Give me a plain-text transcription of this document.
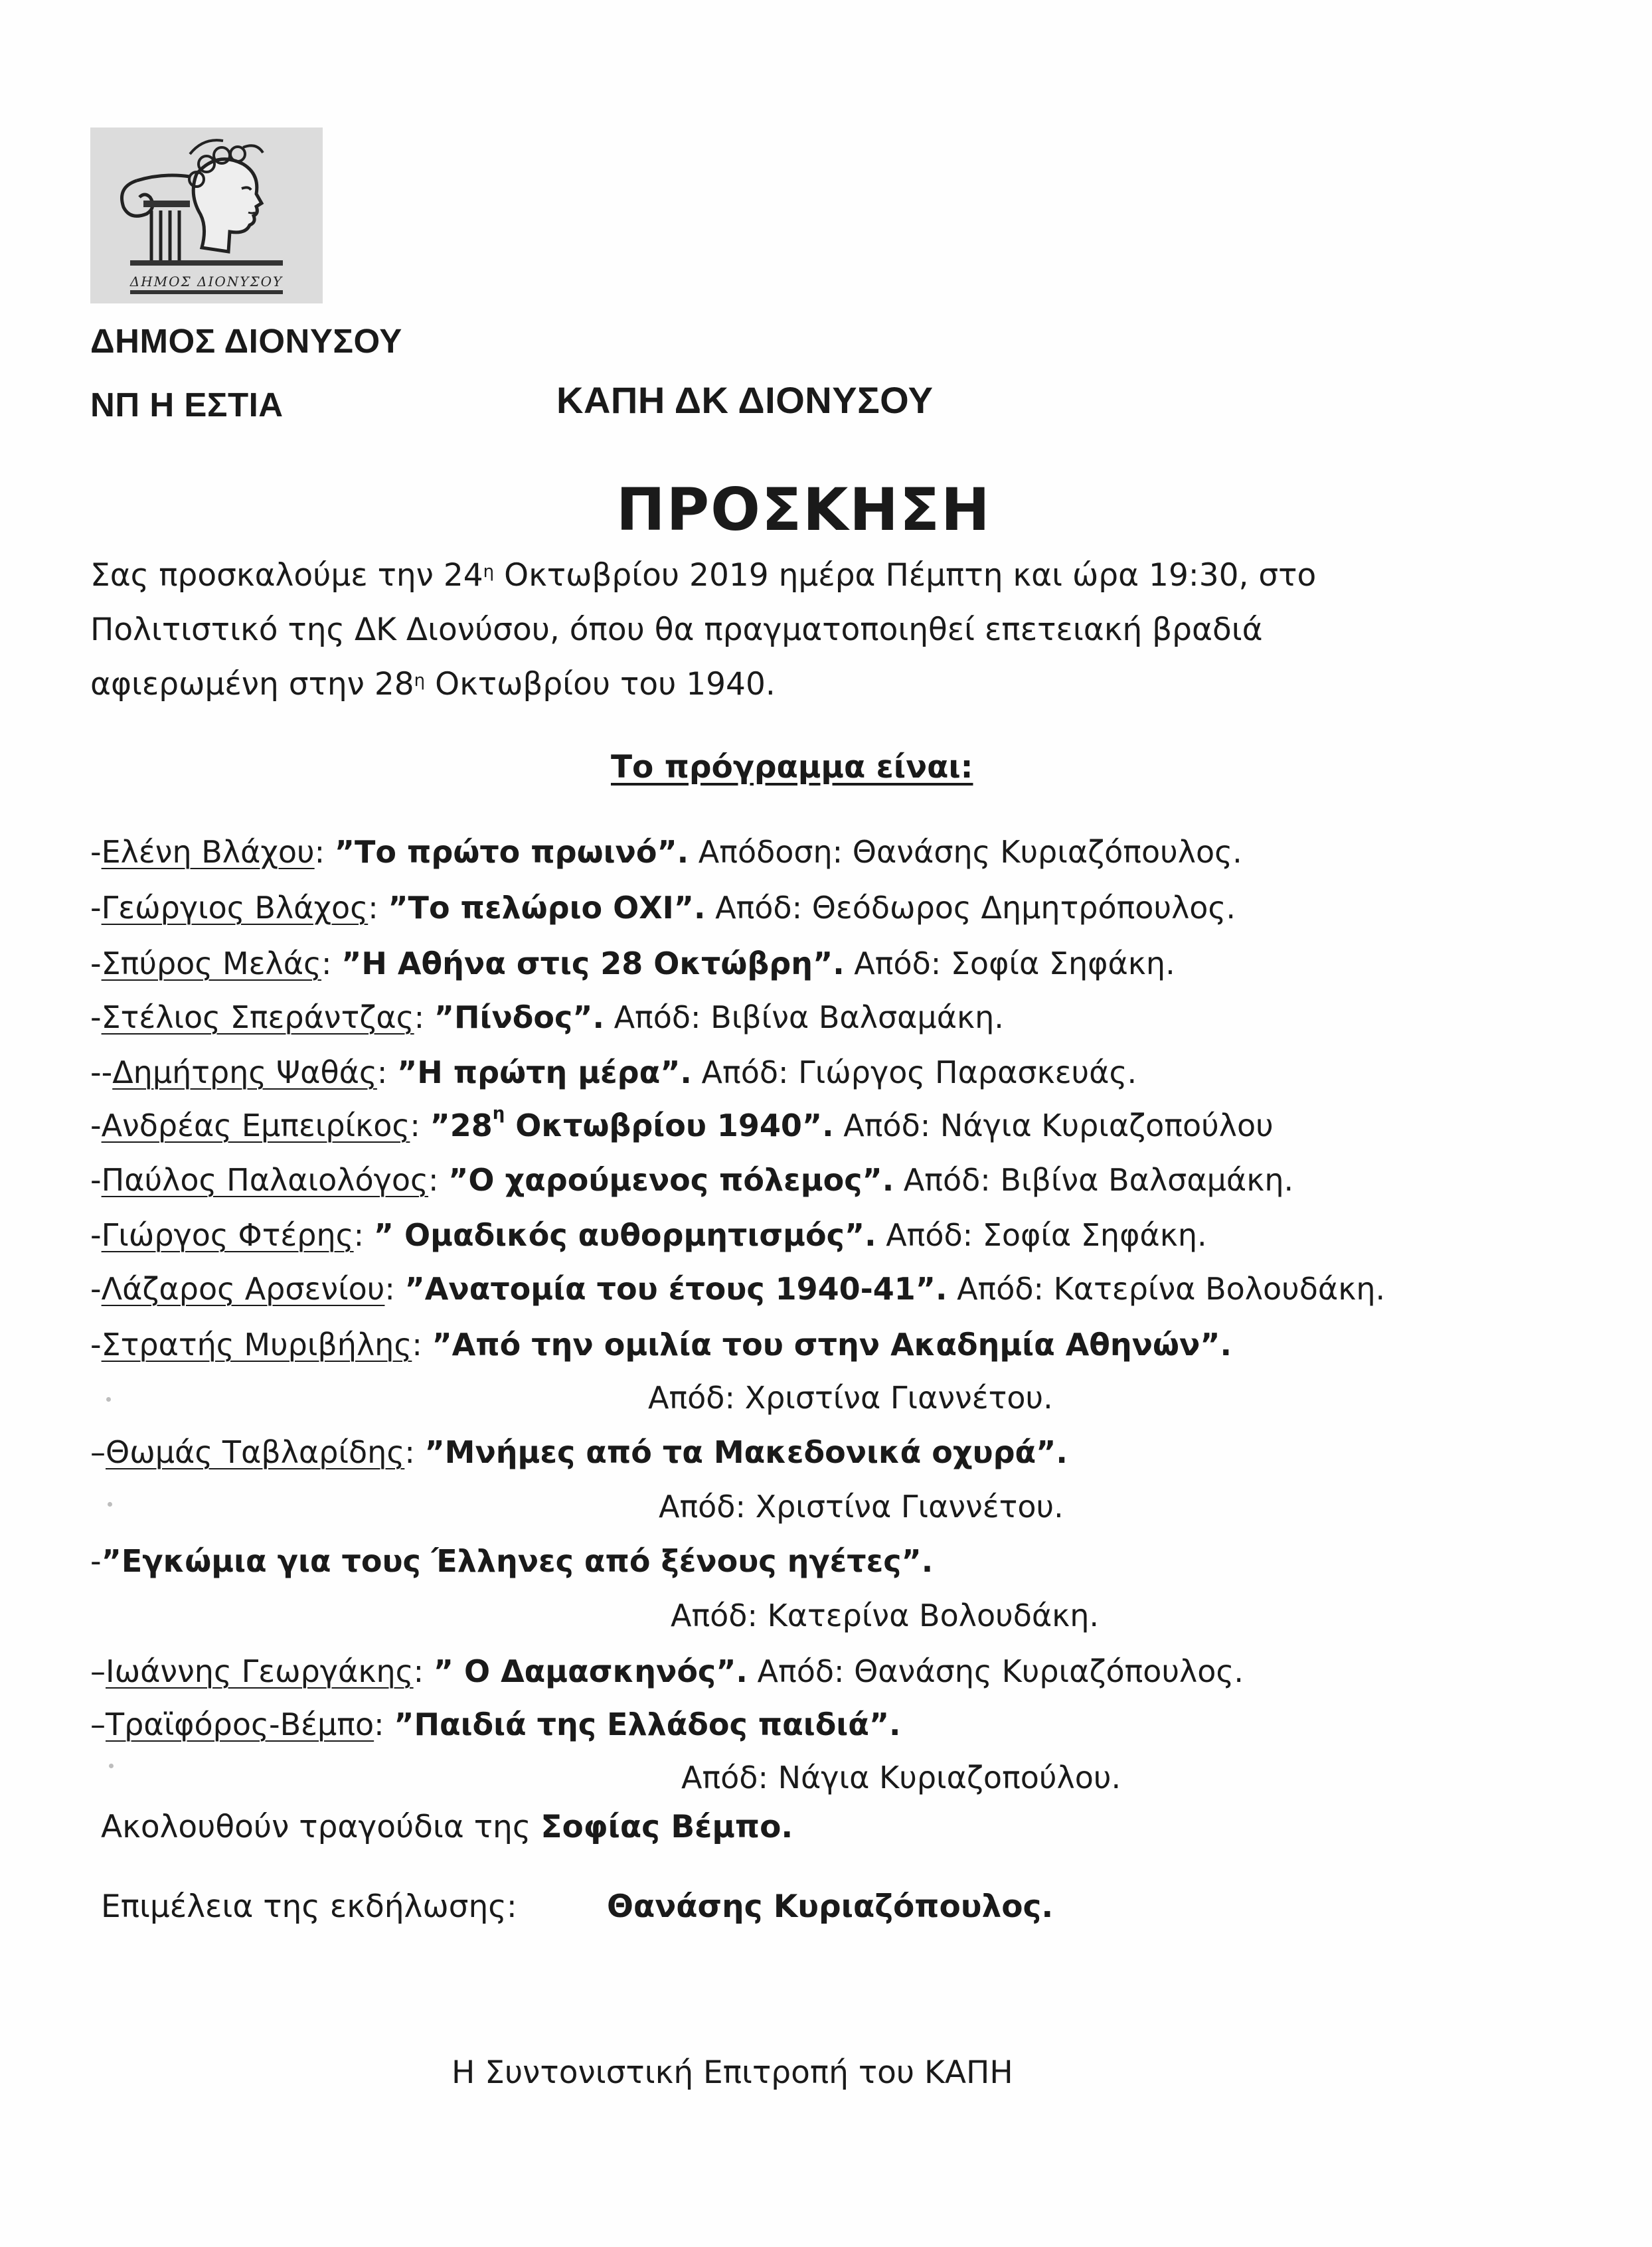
ΔΗΜΟΣ ΔΙΟΝΥΣΟΥ
ΔΗΜΟΣ ΔΙΟΝΥΣΟΥ
ΝΠ Η ΕΣΤΙΑ	ΚΑΠΗ ΔΚ ΔΙΟΝΥΣΟΥ
ΠΡΟΣΚΗΣΗ
Σας προσκαλούμε την $24^\eta$ Οκτωβρίου 2019 ημέρα Πέμπτη και ώρα 19:30, στο
Πολιτιστικό της ΔΚ Διονύσου, όπου θα πραγματοποιηθεί επετειακή βραδιά
αφιερωμένη στην $28^\eta$ Οκτωβρίου του 1940.
Το πρόγραμμα είναι:
-Ελένη Βλάχου: ”Το πρώτο πρωινό”. Απόδοση: Θανάσης Κυριαζόπουλος.
-Γεώργιος Βλάχος: ”Το πελώριο ΟΧΙ”. Απόδ: Θεόδωρος Δημητρόπουλος.
-Σπύρος Μελάς: ”Η Αθήνα στις 28 Οκτώβρη”. Απόδ: Σοφία Σηφάκη.
-Στέλιος Σπεράντζας: ”Πίνδος”. Απόδ: Βιβίνα Βαλσαμάκη.
--Δημήτρης Ψαθάς: ”Η πρώτη μέρα”. Απόδ: Γιώργος Παρασκευάς.
-Ανδρέας Εμπειρίκος: $”28^\eta$ Οκτωβρίου 1940”. Απόδ: Νάγια Κυριαζοπούλου
-Παύλος Παλαιολόγος: ”Ο χαρούμενος πόλεμος”. Απόδ: Βιβίνα Βαλσαμάκη.
-Γιώργος Φτέρης: ” Ομαδικός αυθορμητισμός”. Απόδ: Σοφία Σηφάκη.
-Λάζαρος Αρσενίου: ”Ανατομία του έτους 1940-41”. Απόδ: Κατερίνα Βολουδάκη.
-Στρατής Μυριβήλης: ”Από την ομιλία του στην Ακαδημία Αθηνών”.
Απόδ: Χριστίνα Γιαννέτου.
–Θωμάς Ταβλαρίδης: ”Μνήμες από τα Μακεδονικά οχυρά”.
Απόδ: Χριστίνα Γιαννέτου.
-”Εγκώμια για τους Έλληνες από ξένους ηγέτες”.
Απόδ: Κατερίνα Βολουδάκη.
–Ιωάννης Γεωργάκης: ” Ο Δαμασκηνός”. Απόδ: Θανάσης Κυριαζόπουλος.
–Τραϊφόρος-Βέμπο: ”Παιδιά της Ελλάδος παιδιά”.
Απόδ: Νάγια Κυριαζοπούλου.
Ακολουθούν τραγούδια της Σοφίας Βέμπο.
Επιμέλεια της εκδήλωσης:	Θανάσης Κυριαζόπουλος.
Η Συντονιστική Επιτροπή του ΚΑΠΗ
